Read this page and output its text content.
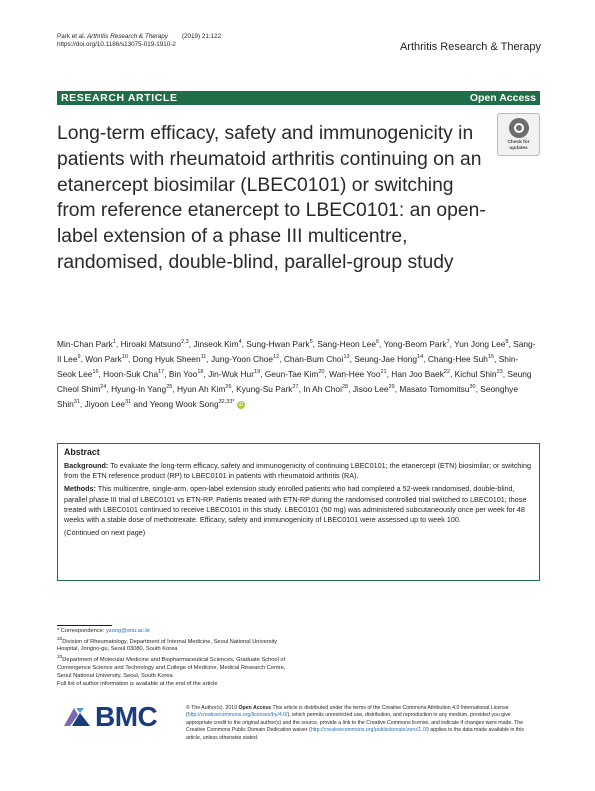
Park et al. Arthritis Research & Therapy (2019) 21:122
https://doi.org/10.1186/s13075-019-1910-2	Arthritis Research & Therapy
RESEARCH ARTICLE	Open Access
Long-term efficacy, safety and immunogenicity in patients with rheumatoid arthritis continuing on an etanercept biosimilar (LBEC0101) or switching from reference etanercept to LBEC0101: an open-label extension of a phase III multicentre, randomised, double-blind, parallel-group study
Check for
updates
Min-Chan Park$^1$, Hiroaki Matsuno$^{2,3}$, Jinseok Kim$^4$, Sung-Hwan Park$^5$, Sang-Heon Lee$^6$, Yong-Beom Park$^7$, Yun Jong Lee$^8$, Sang-Il Lee$^9$, Won Park$^{10}$, Dong Hyuk Sheen$^{11}$, Jung-Yoon Choe$^{12}$, Chan-Bum Choi$^{13}$, Seung-Jae Hong$^{14}$, Chang-Hee Suh$^{15}$, Shin-Seok Lee$^{16}$, Hoon-Suk Cha$^{17}$, Bin Yoo$^{18}$, Jin-Wuk Hur$^{19}$, Geun-Tae Kim$^{20}$, Wan-Hee Yoo$^{21}$, Han Joo Baek$^{22}$, Kichul Shin$^{23}$, Seung Cheol Shim$^{24}$, Hyung-In Yang$^{25}$, Hyun Ah Kim$^{26}$, Kyung-Su Park$^{27}$, In Ah Choi$^{28}$, Jisoo Lee$^{29}$, Masato Tomomitsu$^{30}$, Seonghye Shin$^{31}$, Jiyoon Lee$^{31}$ and Yeong Wook Song$^{32,33*}$ iD
Abstract

Background: To evaluate the long-term efficacy, safety and immunogenicity of continuing LBEC0101; the etanercept (ETN) biosimilar; or switching from the ETN reference product (RP) to LBEC0101 in patients with rheumatoid arthritis (RA).

Methods: This multicentre, single-arm, open-label extension study enrolled patients who had completed a 52-week randomised, double-blind, parallel phase III trial of LBEC0101 vs ETN-RP. Patients treated with ETN-RP during the randomised controlled trial switched to LBEC0101; those treated with LBEC0101 continued to receive LBEC0101 in this study. LBEC0101 (50 mg) was administered subcutaneously once per week for 48 weeks with a stable dose of methotrexate. Efficacy, safety and immunogenicity of LBEC0101 were assessed up to week 100.

(Continued on next page)

* Correspondence: ysong@snu.ac.kr
$^{32}$Division of Rheumatology, Department of Internal Medicine, Seoul National University Hospital, Jongno-gu, Seoul 03080, South Korea
$^{33}$Department of Molecular Medicine and Biopharmaceutical Sciences, Graduate School of Convergence Science and Technology and College of Medicine, Medical Research Centre, Seoul National University, Seoul, South Korea
Full list of author information is available at the end of the article
BMC	© The Author(s). 2019 Open Access This article is distributed under the terms of the Creative Commons Attribution 4.0 International License (http://creativecommons.org/licenses/by/4.0/), which permits unrestricted use, distribution, and reproduction in any medium, provided you give appropriate credit to the original author(s) and the source, provide a link to the Creative Commons license, and indicate if changes were made. The Creative Commons Public Domain Dedication waiver (http://creativecommons.org/publicdomain/zero/1.0/) applies to the data made available in this article, unless otherwise stated.
